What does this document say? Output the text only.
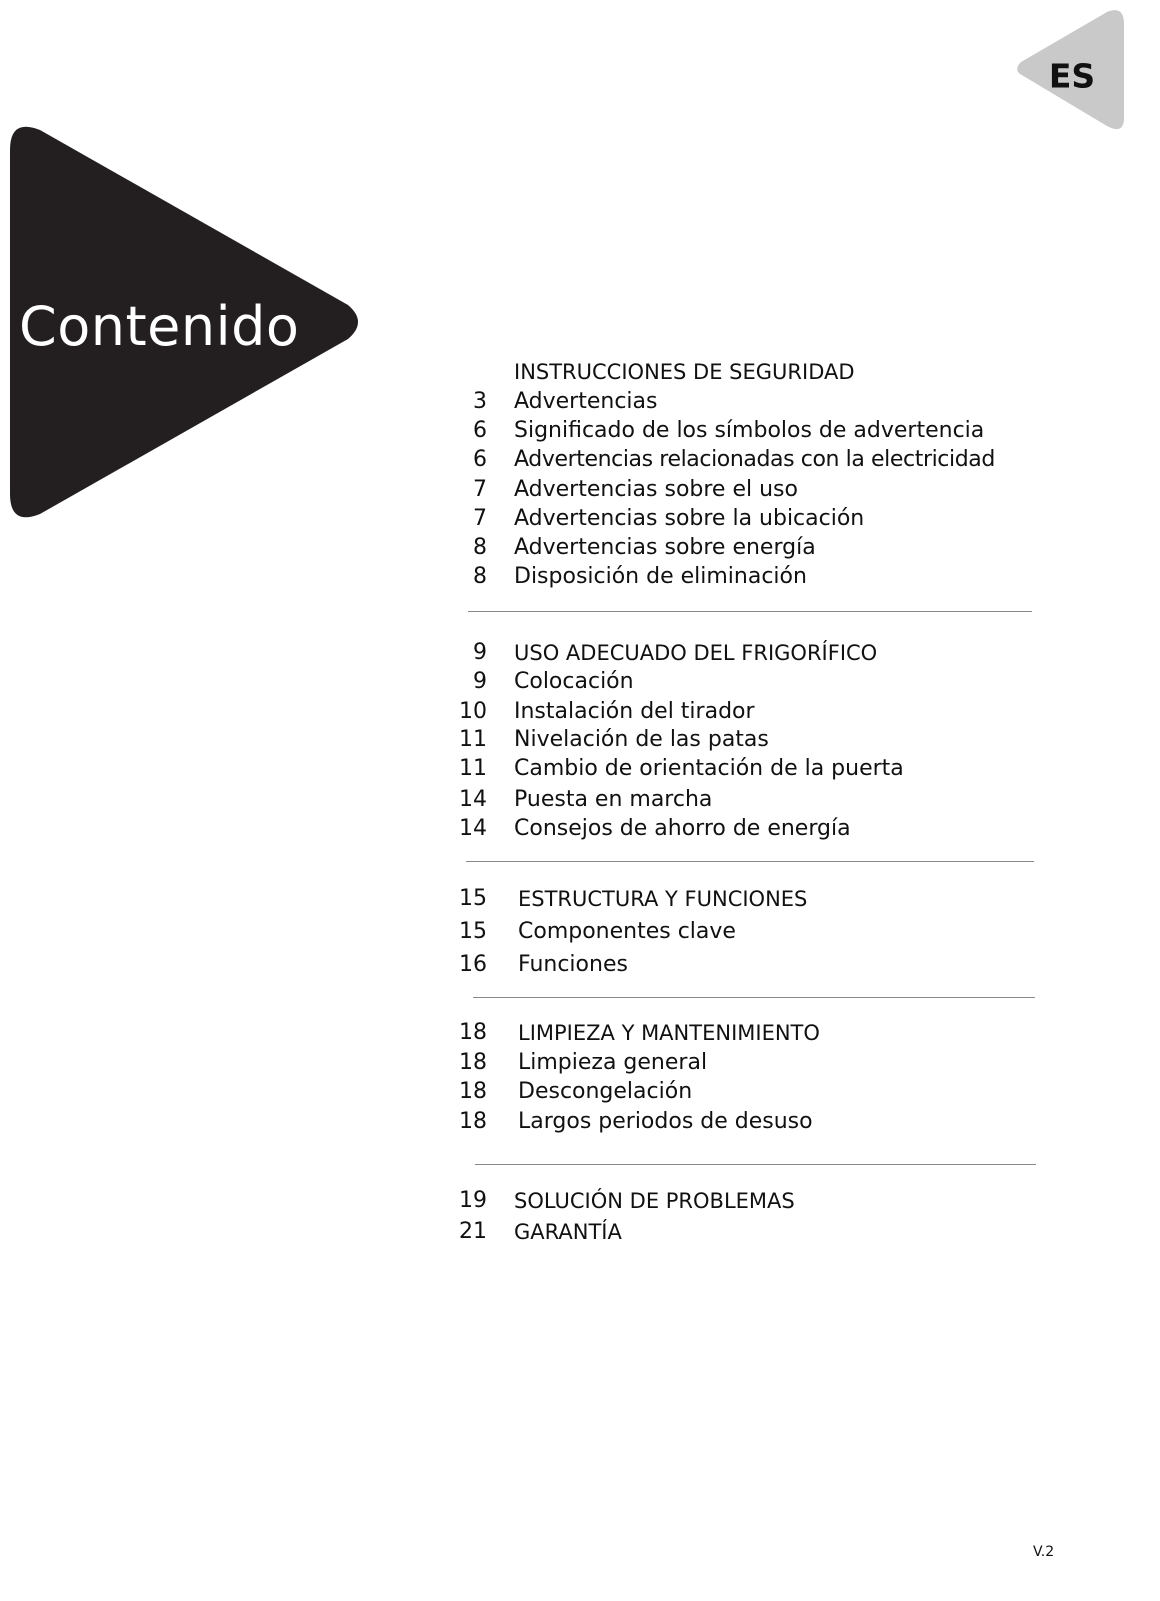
ES
Contenido
INSTRUCCIONES DE SEGURIDAD
3 Advertencias
6 Significado de los símbolos de advertencia
6 Advertencias relacionadas con la electricidad
7 Advertencias sobre el uso
7 Advertencias sobre la ubicación
8 Advertencias sobre energía
8 Disposición de eliminación
9 USO ADECUADO DEL FRIGORÍFICO
9 Colocación
10 Instalación del tirador
11 Nivelación de las patas
11 Cambio de orientación de la puerta
14 Puesta en marcha
14 Consejos de ahorro de energía
15 ESTRUCTURA Y FUNCIONES
15 Componentes clave
16 Funciones
18 LIMPIEZA Y MANTENIMIENTO
18 Limpieza general
18 Descongelación
18 Largos periodos de desuso
19 SOLUCIÓN DE PROBLEMAS
21 GARANTÍA
V.2
